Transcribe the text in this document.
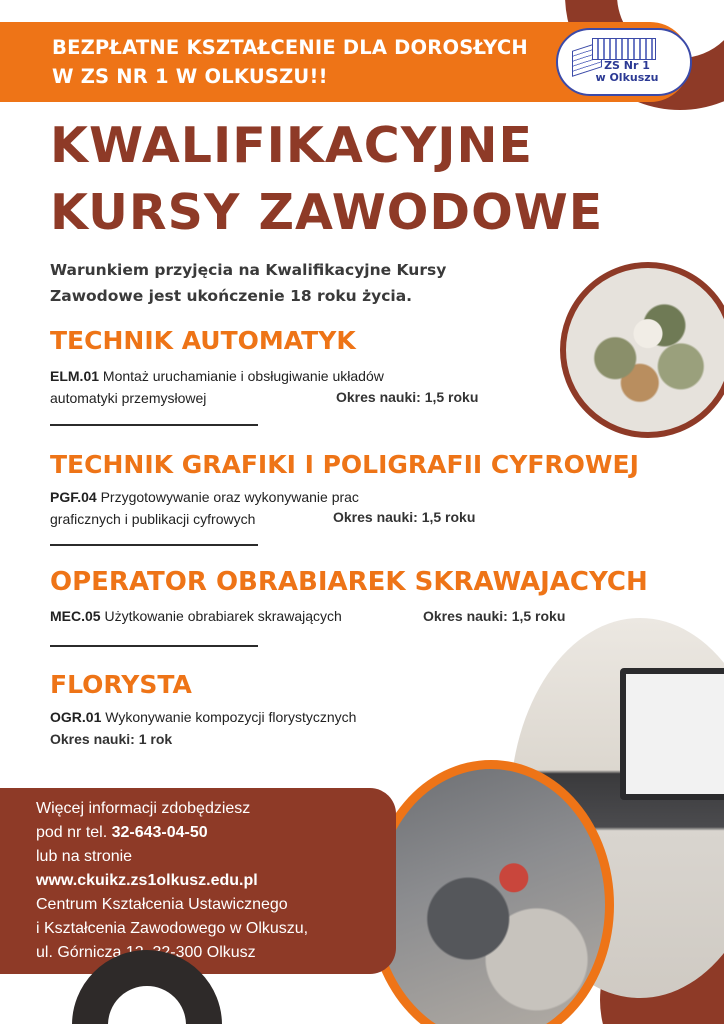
BEZPŁATNE KSZTAŁCENIE DLA DOROSŁYCH
W ZS NR 1 W OLKUSZU!!	ZS Nr 1
w Olkuszu
KWALIFIKACYJNE
KURSY ZAWODOWE
Warunkiem przyjęcia na Kwalifikacyjne Kursy
Zawodowe jest ukończenie 18 roku życia.
TECHNIK AUTOMATYK
ELM.01 Montaż uruchamianie i obsługiwanie układów
automatyki przemysłowej	Okres nauki: 1,5 roku
TECHNIK GRAFIKI I POLIGRAFII CYFROWEJ
PGF.04 Przygotowywanie oraz wykonywanie prac
graficznych i publikacji cyfrowych	Okres nauki: 1,5 roku
OPERATOR OBRABIAREK SKRAWAJACYCH
MEC.05 Użytkowanie obrabiarek skrawających	Okres nauki: 1,5 roku
FLORYSTA
OGR.01 Wykonywanie kompozycji florystycznych
Okres nauki: 1 rok
Więcej informacji zdobędziesz
pod nr tel. 32-643-04-50
lub na stronie
www.ckuikz.zs1olkusz.edu.pl
Centrum Kształcenia Ustawicznego
i Kształcenia Zawodowego w Olkuszu,
ul. Górnicza 12, 32-300 Olkusz
